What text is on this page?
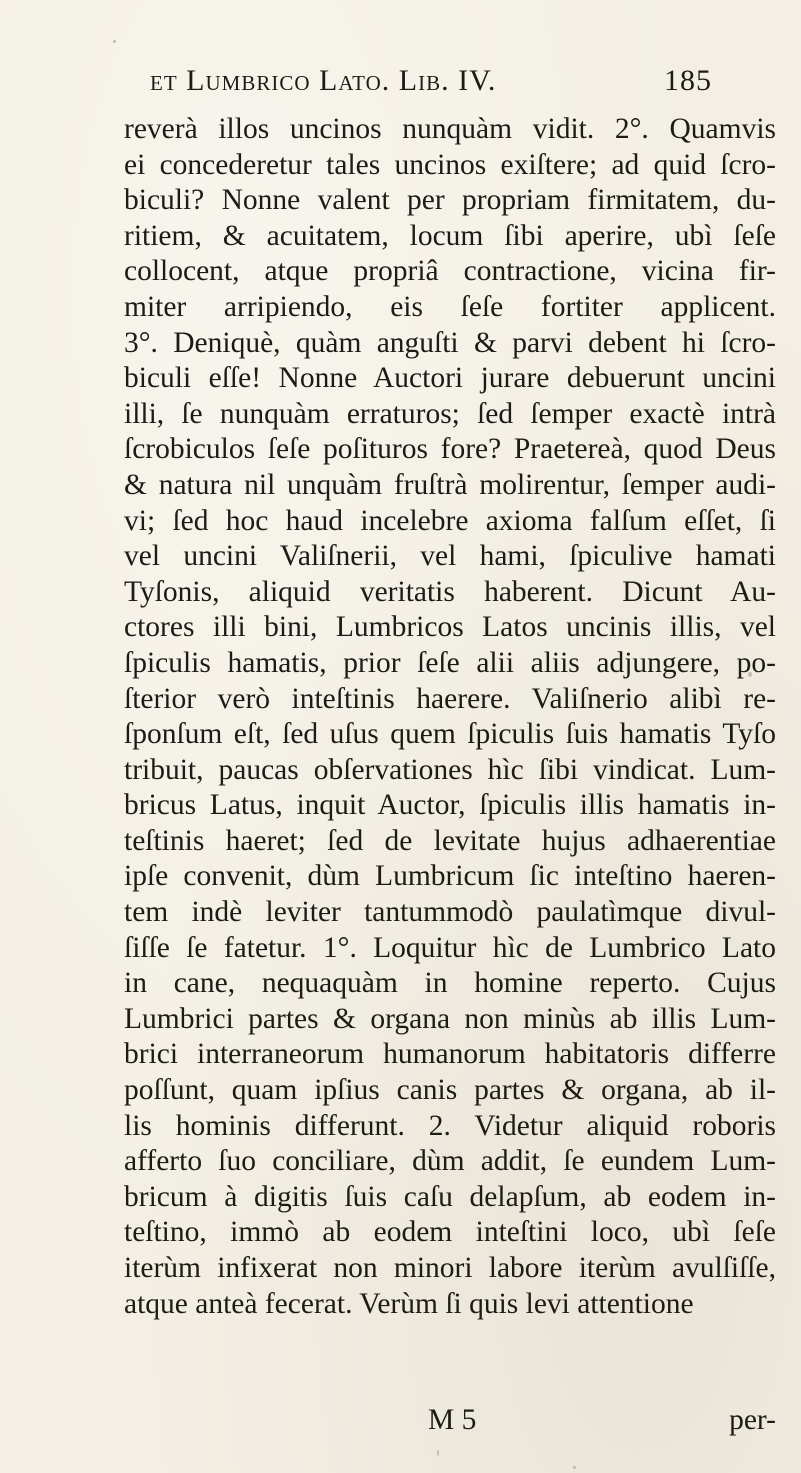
et Lumbrico Lato. Lib. IV.	185
reverà illos uncinos nunquàm vidit. 2°. Quamvis
ei concederetur tales uncinos exiſtere; ad quid ſcro-
biculi? Nonne valent per propriam firmitatem, du-
ritiem, & acuitatem, locum ſibi aperire, ubì ſeſe
collocent, atque propriâ contractione, vicina fir-
miter arripiendo, eis ſeſe fortiter applicent.
3°. Deniquè, quàm anguſti & parvi debent hi ſcro-
biculi eſſe! Nonne Auctori jurare debuerunt uncini
illi, ſe nunquàm erraturos; ſed ſemper exactè intrà
ſcrobiculos ſeſe poſituros fore? Praetereà, quod Deus
& natura nil unquàm fruſtrà molirentur, ſemper audi-
vi; ſed hoc haud incelebre axioma falſum eſſet, ſi
vel uncini Valiſnerii, vel hami, ſpiculive hamati
Tyſonis, aliquid veritatis haberent. Dicunt Au-
ctores illi bini, Lumbricos Latos uncinis illis, vel
ſpiculis hamatis, prior ſeſe alii aliis adjungere, po-
ſterior verò inteſtinis haerere. Valiſnerio alibì re-
ſponſum eſt, ſed uſus quem ſpiculis ſuis hamatis Tyſo
tribuit, paucas obſervationes hìc ſibi vindicat. Lum-
bricus Latus, inquit Auctor, ſpiculis illis hamatis in-
teſtinis haeret; ſed de levitate hujus adhaerentiae
ipſe convenit, dùm Lumbricum ſic inteſtino haeren-
tem indè leviter tantummodò paulatìmque divul-
ſiſſe ſe fatetur. 1°. Loquitur hìc de Lumbrico Lato
in cane, nequaquàm in homine reperto. Cujus
Lumbrici partes & organa non minùs ab illis Lum-
brici interraneorum humanorum habitatoris differre
poſſunt, quam ipſius canis partes & organa, ab il-
lis hominis differunt. 2. Videtur aliquid roboris
afferto ſuo conciliare, dùm addit, ſe eundem Lum-
bricum à digitis ſuis caſu delapſum, ab eodem in-
teſtino, immò ab eodem inteſtini loco, ubì ſeſe
iterùm infixerat non minori labore iterùm avulſiſſe,
atque anteà fecerat. Verùm ſi quis levi attentione
M 5	per-
